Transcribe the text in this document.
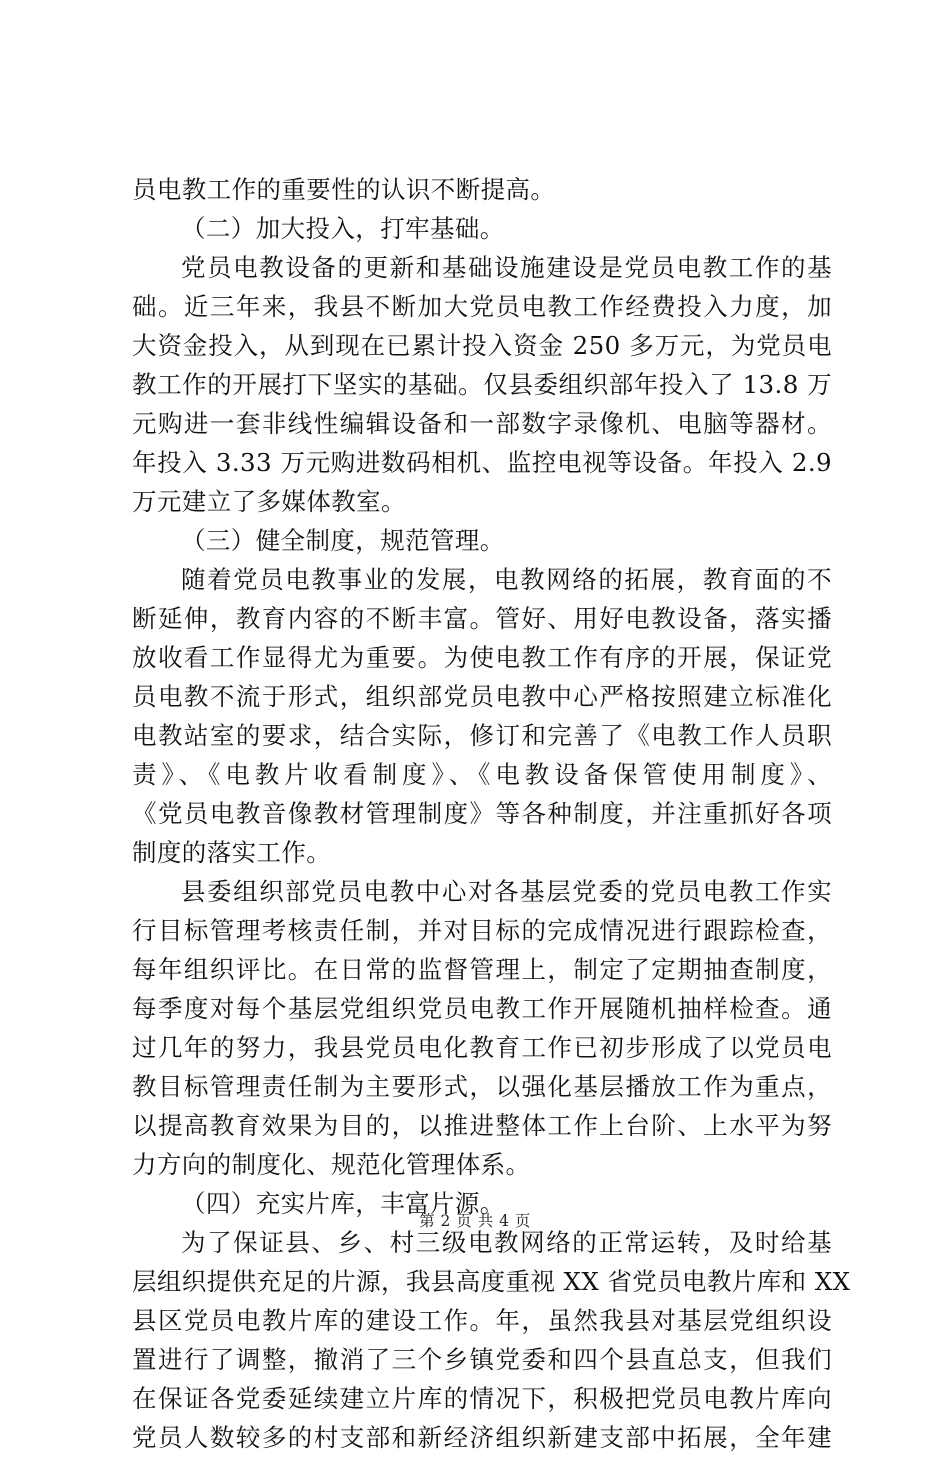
员电教工作的重要性的认识不断提高。
（二）加大投入，打牢基础。
党员电教设备的更新和基础设施建设是党员电教工作的基
础。近三年来，我县不断加大党员电教工作经费投入力度，加
大资金投入，从到现在已累计投入资金 250 多万元，为党员电
教工作的开展打下坚实的基础。仅县委组织部年投入了 13.8 万
元购进一套非线性编辑设备和一部数字录像机、电脑等器材。
年投入 3.33 万元购进数码相机、监控电视等设备。年投入 2.9
万元建立了多媒体教室。
（三）健全制度，规范管理。
随着党员电教事业的发展，电教网络的拓展，教育面的不
断延伸，教育内容的不断丰富。管好、用好电教设备，落实播
放收看工作显得尤为重要。为使电教工作有序的开展，保证党
员电教不流于形式，组织部党员电教中心严格按照建立标准化
电教站室的要求，结合实际，修订和完善了《电教工作人员职
责》、《电教片收看制度》、《电教设备保管使用制度》、
《党员电教音像教材管理制度》等各种制度，并注重抓好各项
制度的落实工作。
县委组织部党员电教中心对各基层党委的党员电教工作实
行目标管理考核责任制，并对目标的完成情况进行跟踪检查，
每年组织评比。在日常的监督管理上，制定了定期抽查制度，
每季度对每个基层党组织党员电教工作开展随机抽样检查。通
过几年的努力，我县党员电化教育工作已初步形成了以党员电
教目标管理责任制为主要形式，以强化基层播放工作为重点，
以提高教育效果为目的，以推进整体工作上台阶、上水平为努
力方向的制度化、规范化管理体系。
（四）充实片库，丰富片源。
为了保证县、乡、村三级电教网络的正常运转，及时给基
层组织提供充足的片源，我县高度重视 XX 省党员电教片库和 XX
县区党员电教片库的建设工作。年，虽然我县对基层党组织设
置进行了调整，撤消了三个乡镇党委和四个县直总支，但我们
在保证各党委延续建立片库的情况下，积极把党员电教片库向
党员人数较多的村支部和新经济组织新建支部中拓展，全年建
第 2 页 共 4 页
